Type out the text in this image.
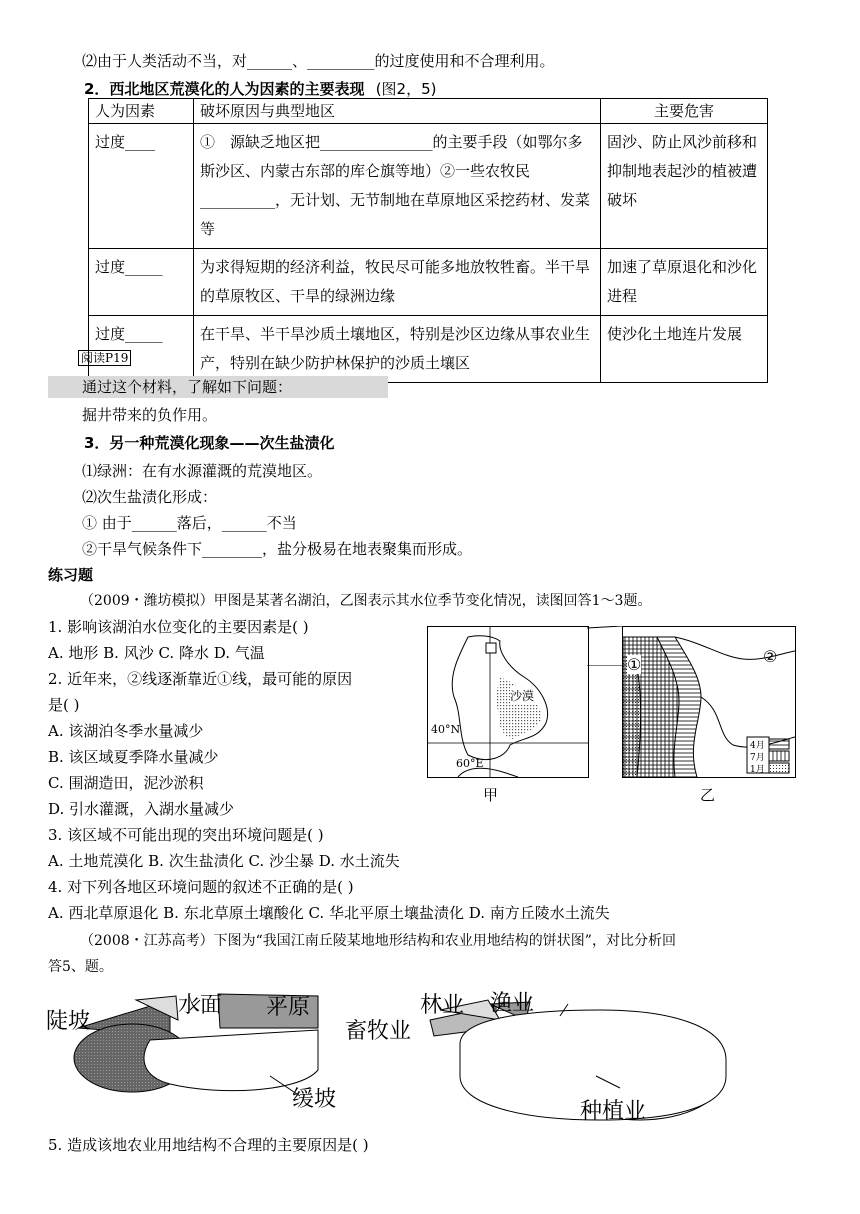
⑵由于人类活动不当，对______、_________的过度使用和不合理利用。
2．西北地区荒漠化的人为因素的主要表现 (图2，5)
人为因素	破坏原因与典型地区	主要危害
过度____	①　源缺乏地区把_______________的主要手段（如鄂尔多斯沙区、内蒙古东部的库仑旗等地）②一些农牧民__________，无计划、无节制地在草原地区采挖药材、发菜等	固沙、防止风沙前移和抑制地表起沙的植被遭破坏
过度_____	为求得短期的经济利益，牧民尽可能多地放牧牲畜。半干旱的草原牧区、干旱的绿洲边缘	加速了草原退化和沙化进程
过度_____	在干旱、半干旱沙质土壤地区，特别是沙区边缘从事农业生产，特别在缺少防护林保护的沙质土壤区	使沙化土地连片发展
阅读P19
通过这个材料，了解如下问题：
掘井带来的负作用。
3．另一种荒漠化现象——次生盐渍化
⑴绿洲：在有水源灌溉的荒漠地区。
⑵次生盐渍化形成：
① 由于______落后，______不当
②干旱气候条件下________，盐分极易在地表聚集而形成。
练习题
（2009・潍坊模拟）甲图是某著名湖泊，乙图表示其水位季节变化情况，读图回答1～3题。
1. 影响该湖泊水位变化的主要因素是( )
A. 地形 B. 风沙 C. 降水 D. 气温
2. 近年来，②线逐渐靠近①线，最可能的原因
是( )
A. 该湖泊冬季水量减少
B. 该区域夏季降水量减少
C. 围湖造田，泥沙淤积
D. 引水灌溉，入湖水量减少
3. 该区域不可能出现的突出环境问题是( )
A. 土地荒漠化 B. 次生盐渍化 C. 沙尘暴 D. 水土流失
4. 对下列各地区环境问题的叙述不正确的是( )
A. 西北草原退化 B. 东北草原土壤酸化 C. 华北平原土壤盐渍化 D. 南方丘陵水土流失
（2008・江苏高考）下图为“我国江南丘陵某地地形结构和农业用地结构的饼状图”，对比分析回
答5、题。
沙漠
40°N
60°E
甲
①	②
4月
7月
1月
乙
陡坡
水面 平原
缓坡
畜牧业
林业 渔业
种植业
5. 造成该地农业用地结构不合理的主要原因是( )
